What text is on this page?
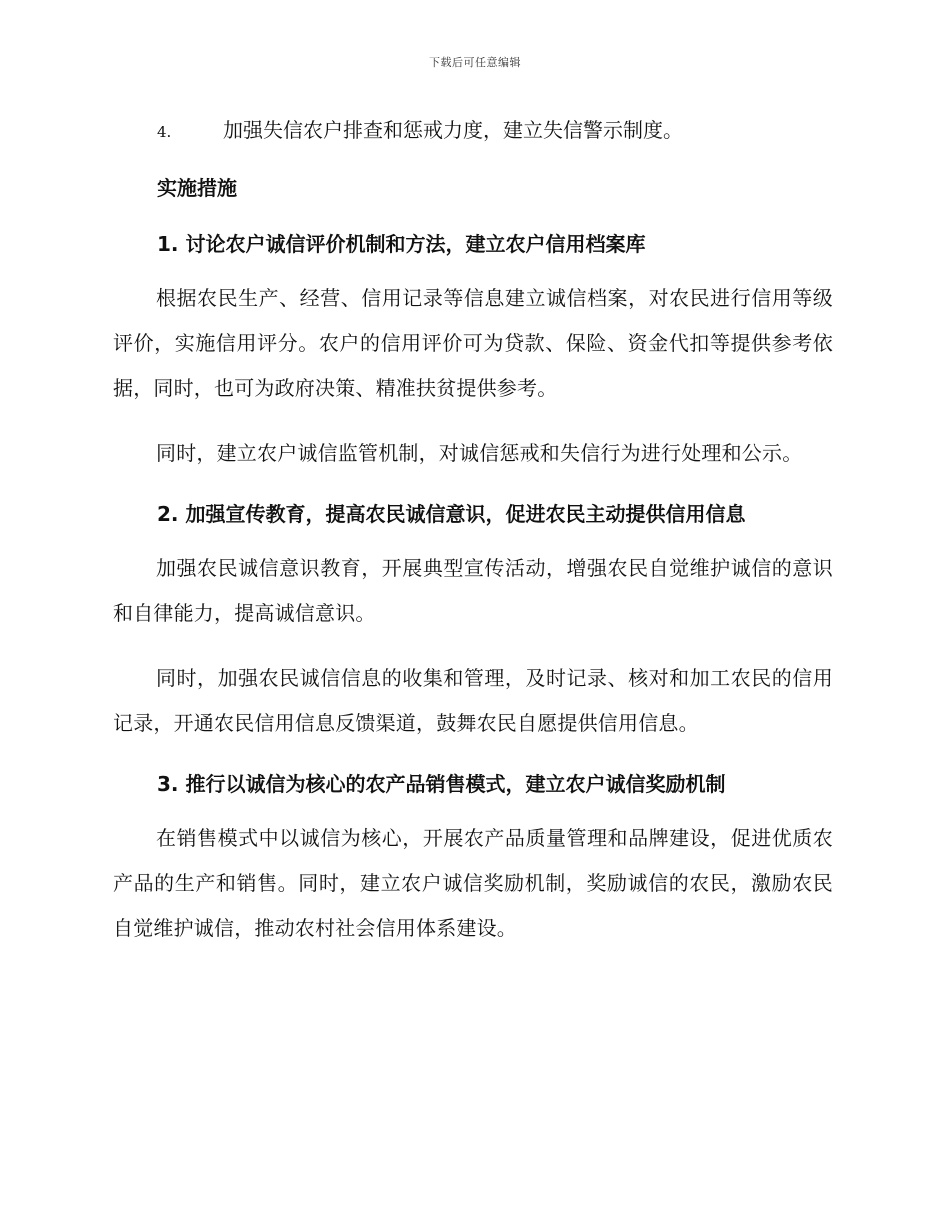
下载后可任意编辑
4.	加强失信农户排查和惩戒力度，建立失信警示制度。
实施措施
1. 讨论农户诚信评价机制和方法，建立农户信用档案库

根据农民生产、经营、信用记录等信息建立诚信档案，对农民进行信用等级评价，实施信用评分。农户的信用评价可为贷款、保险、资金代扣等提供参考依据，同时，也可为政府决策、精准扶贫提供参考。

同时，建立农户诚信监管机制，对诚信惩戒和失信行为进行处理和公示。

2. 加强宣传教育，提高农民诚信意识，促进农民主动提供信用信息

加强农民诚信意识教育，开展典型宣传活动，增强农民自觉维护诚信的意识和自律能力，提高诚信意识。

同时，加强农民诚信信息的收集和管理，及时记录、核对和加工农民的信用记录，开通农民信用信息反馈渠道，鼓舞农民自愿提供信用信息。

3. 推行以诚信为核心的农产品销售模式，建立农户诚信奖励机制

在销售模式中以诚信为核心，开展农产品质量管理和品牌建设，促进优质农产品的生产和销售。同时，建立农户诚信奖励机制，奖励诚信的农民，激励农民自觉维护诚信，推动农村社会信用体系建设。
